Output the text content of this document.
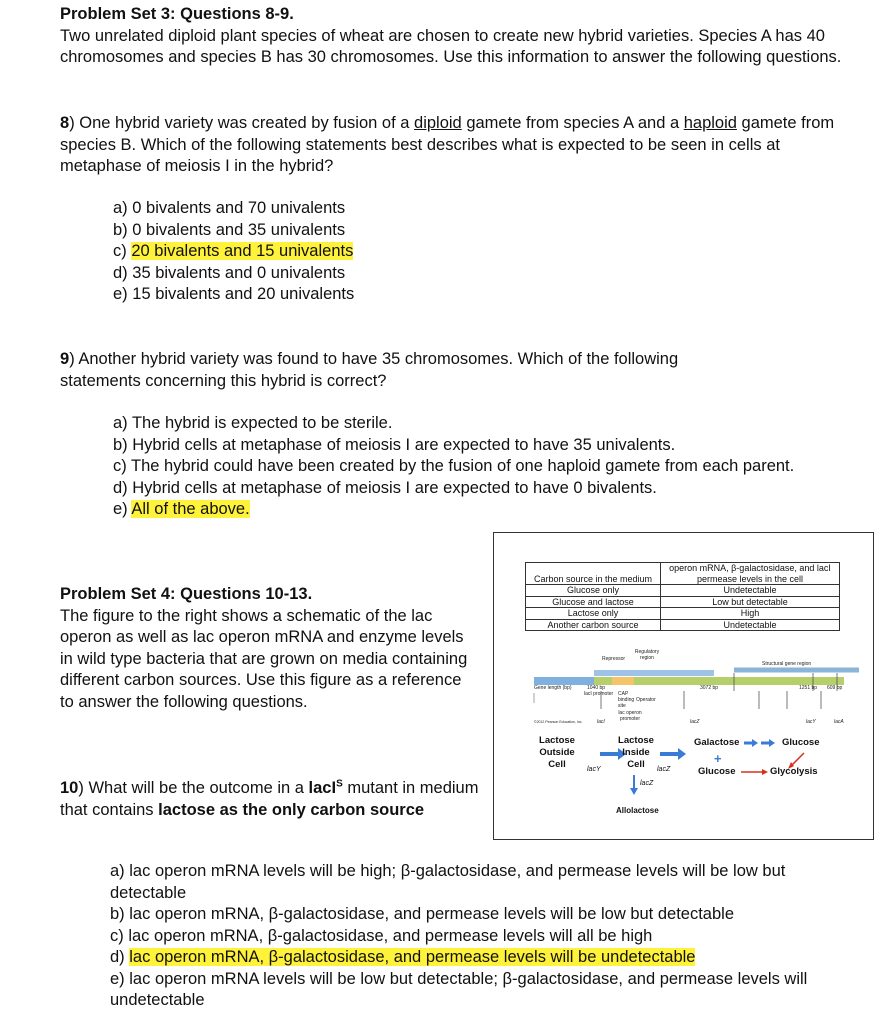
Problem Set 3: Questions 8-9.
Two unrelated diploid plant species of wheat are chosen to create new hybrid varieties. Species A has 40 chromosomes and species B has 30 chromosomes. Use this information to answer the following questions.
8) One hybrid variety was created by fusion of a diploid gamete from species A and a haploid gamete from species B. Which of the following statements best describes what is expected to be seen in cells at metaphase of meiosis I in the hybrid?
a) 0 bivalents and 70 univalents
b) 0 bivalents and 35 univalents
c) 20 bivalents and 15 univalents
d) 35 bivalents and 0 univalents
e) 15 bivalents and 20 univalents
9) Another hybrid variety was found to have 35 chromosomes. Which of the following statements concerning this hybrid is correct?
a) The hybrid is expected to be sterile.
b) Hybrid cells at metaphase of meiosis I are expected to have 35 univalents.
c) The hybrid could have been created by the fusion of one haploid gamete from each parent.
d) Hybrid cells at metaphase of meiosis I are expected to have 0 bivalents.
e) All of the above.
Problem Set 4: Questions 10-13.
The figure to the right shows a schematic of the lac operon as well as lac operon mRNA and enzyme levels in wild type bacteria that are grown on media containing different carbon sources. Use this figure as a reference to answer the following questions.
Carbon source in the medium	operon mRNA, β-galactosidase, and lacI permease levels in the cell
Glucose only	Undetectable
Glucose and lactose	Low but detectable
Lactose only	High
Another carbon source	Undetectable
+
Repressor
Regulatory region
Structural gene region
Gene length (bp)	1040 bp
lacI promoter CAP binding site
Operator
lac operon promoter
3072 bp	1251 bp 609 bp
lacI	lacZ	lacY	lacA
©2012 Pearson Education, Inc.
Lactose Outside Cell	lacY
Lactose Inside Cell	lacZ
lacZ
Allolactose
Galactose	Glucose
Glucose	Glycolysis
10) What will be the outcome in a lacI$^S$ mutant in medium that contains lactose as the only carbon source
a) lac operon mRNA levels will be high; β-galactosidase, and permease levels will be low but detectable
b) lac operon mRNA, β-galactosidase, and permease levels will be low but detectable
c) lac operon mRNA, β-galactosidase, and permease levels will all be high
d) lac operon mRNA, β-galactosidase, and permease levels will be undetectable
e) lac operon mRNA levels will be low but detectable; β-galactosidase, and permease levels will undetectable
